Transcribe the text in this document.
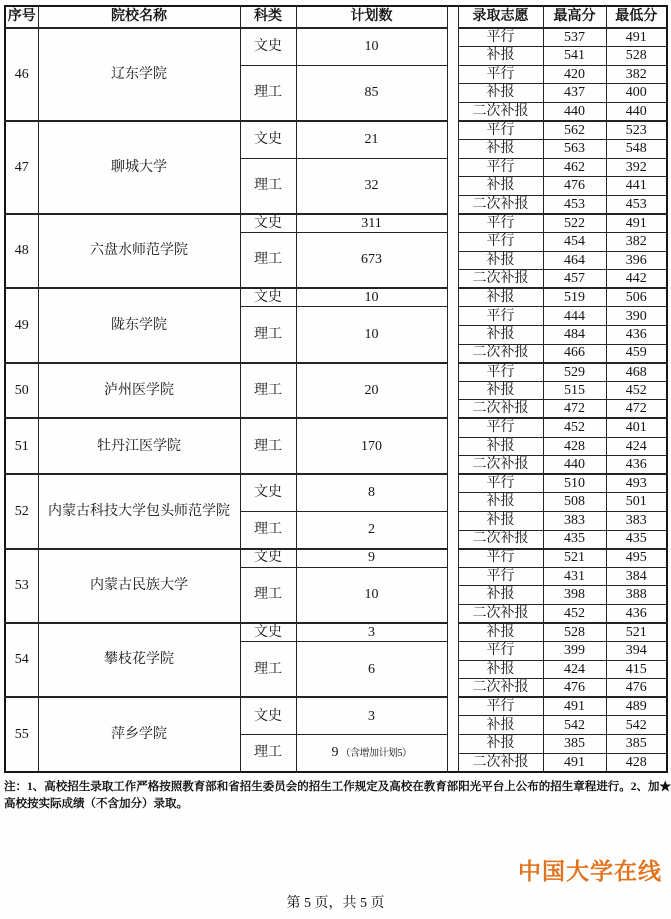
序号	院校名称	科类	计划数		录取志愿	最高分	最低分
46	辽东学院	文史	10		平行	537	491
					补报	541	528
		理工	85		平行	420	382
					补报	437	400
					二次补报	440	440
47	聊城大学	文史	21		平行	562	523
					补报	563	548
		理工	32		平行	462	392
					补报	476	441
					二次补报	453	453
48	六盘水师范学院	文史	311		平行	522	491
		理工	673		平行	454	382
					补报	464	396
					二次补报	457	442
49	陇东学院	文史	10		补报	519	506
		理工	10		平行	444	390
					补报	484	436
					二次补报	466	459
50	泸州医学院	理工	20		平行	529	468
					补报	515	452
					二次补报	472	472
51	牡丹江医学院	理工	170		平行	452	401
					补报	428	424
					二次补报	440	436
52	内蒙古科技大学包头师范学院	文史	8		平行	510	493
					补报	508	501
		理工	2		补报	383	383
					二次补报	435	435
53	内蒙古民族大学	文史	9		平行	521	495
		理工	10		平行	431	384
					补报	398	388
					二次补报	452	436
54	攀枝花学院	文史	3		补报	528	521
		理工	6		平行	399	394
					补报	424	415
					二次补报	476	476
55	萍乡学院	文史	3		平行	491	489
					补报	542	542
		理工	9 （含增加计划5）		补报	385	385
					二次补报	491	428
注：1、高校招生录取工作严格按照教育部和省招生委员会的招生工作规定及高校在教育部阳光平台上公布的招生章程进行。2、加★
高校按实际成绩（不含加分）录取。
中国大学在线
第 5 页，共 5 页
